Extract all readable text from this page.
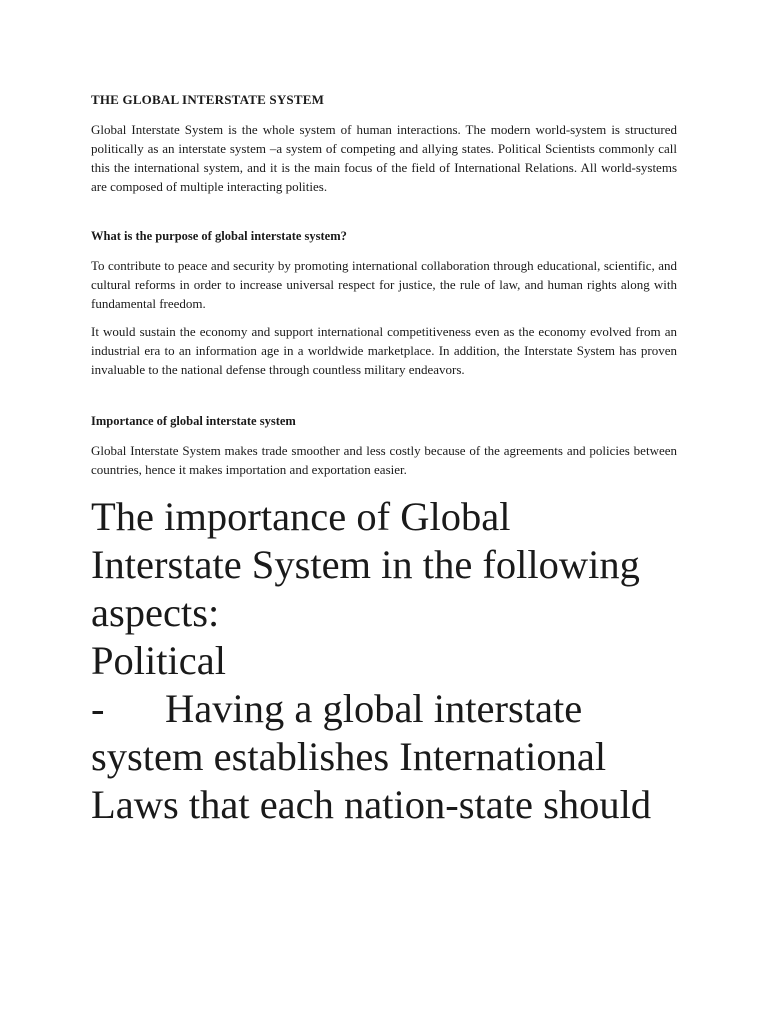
THE GLOBAL INTERSTATE SYSTEM

Global Interstate System is the whole system of human interactions. The modern world-system is structured politically as an interstate system –a system of competing and allying states. Political Scientists commonly call this the international system, and it is the main focus of the field of International Relations. All world-systems are composed of multiple interacting polities.

What is the purpose of global interstate system?

To contribute to peace and security by promoting international collaboration through educational, scientific, and cultural reforms in order to increase universal respect for justice, the rule of law, and human rights along with fundamental freedom.

It would sustain the economy and support international competitiveness even as the economy evolved from an industrial era to an information age in a worldwide marketplace. In addition, the Interstate System has proven invaluable to the national defense through countless military endeavors.

Importance of global interstate system

Global Interstate System makes trade smoother and less costly because of the agreements and policies between countries, hence it makes importation and exportation easier.

The importance of Global

Interstate System in the following

aspects:

Political

-	Having a global interstate

system establishes International

Laws that each nation-state should
